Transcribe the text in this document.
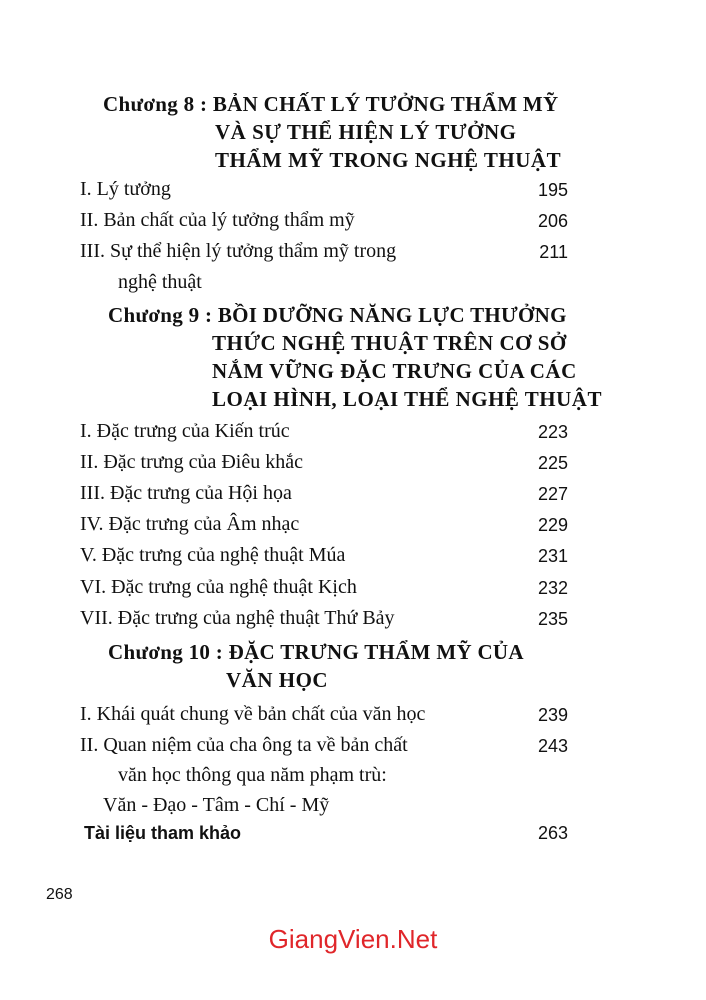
Chương 8 : BẢN CHẤT LÝ TƯỞNG THẨM MỸ
VÀ SỰ THỂ HIỆN LÝ TƯỞNG
THẨM MỸ TRONG NGHỆ THUẬT
I. Lý tưởng	195
II. Bản chất của lý tưởng thẩm mỹ	206
III. Sự thể hiện lý tưởng thẩm mỹ trong	211
nghệ thuật
Chương 9 : BỒI DƯỠNG NĂNG LỰC THƯỞNG
THỨC NGHỆ THUẬT TRÊN CƠ SỞ
NẮM VỮNG ĐẶC TRƯNG CỦA CÁC
LOẠI HÌNH, LOẠI THỂ NGHỆ THUẬT
I. Đặc trưng của Kiến trúc	223
II. Đặc trưng của Điêu khắc	225
III. Đặc trưng của Hội họa	227
IV. Đặc trưng của Âm nhạc	229
V. Đặc trưng của nghệ thuật Múa	231
VI. Đặc trưng của nghệ thuật Kịch	232
VII. Đặc trưng của nghệ thuật Thứ Bảy	235
Chương 10 : ĐẶC TRƯNG THẨM MỸ CỦA
VĂN HỌC
I. Khái quát chung về bản chất của văn học	239
II. Quan niệm của cha ông ta về bản chất	243
văn học thông qua năm phạm trù:
Văn - Đạo - Tâm - Chí - Mỹ
Tài liệu tham khảo	263
268
GiangVien.Net
